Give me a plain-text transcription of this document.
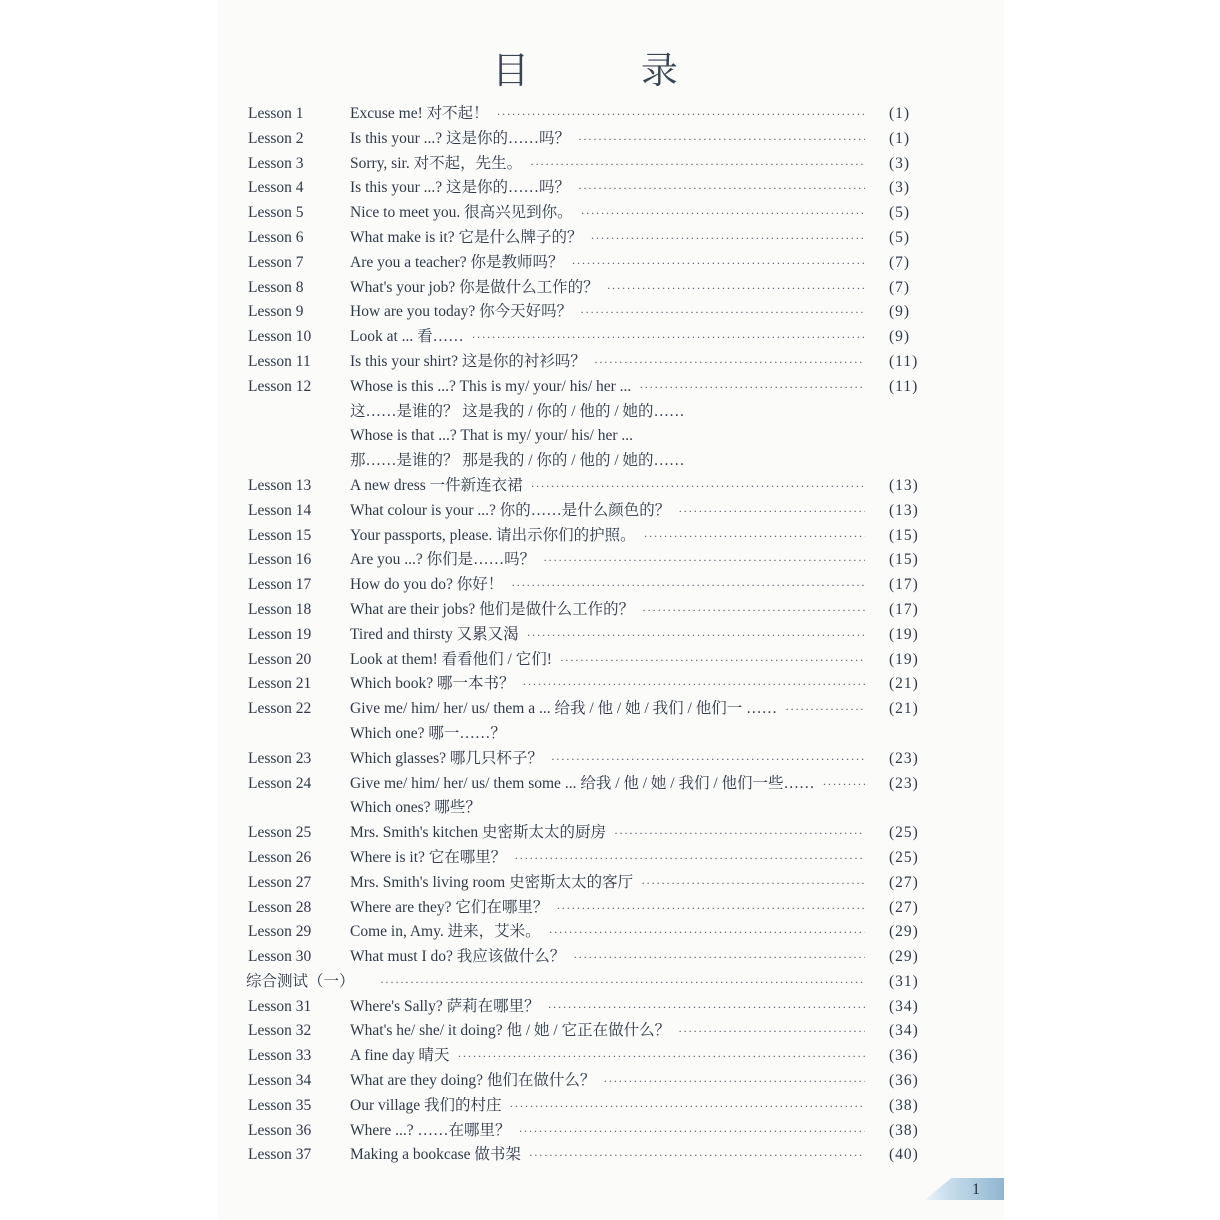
目 录
Lesson 1	Excuse me! 对不起！ ·····	(1)
Lesson 2	Is this your ...? 这是你的……吗？ ·····	(1)
Lesson 3	Sorry, sir. 对不起，先生。 ·····	(3)
Lesson 4	Is this your ...? 这是你的……吗？ ·····	(3)
Lesson 5	Nice to meet you. 很高兴见到你。 ·····	(5)
Lesson 6	What make is it? 它是什么牌子的？ ·····	(5)
Lesson 7	Are you a teacher? 你是教师吗？ ·····	(7)
Lesson 8	What's your job? 你是做什么工作的？ ·····	(7)
Lesson 9	How are you today? 你今天好吗？ ·····	(9)
Lesson 10 Look at ... 看…… ·····	(9)
Lesson 11	Is this your shirt? 这是你的衬衫吗？ ·····	(11)
Lesson 12 Whose is this ...? This is my/ your/ his/ her ... ·····	(11)
这……是谁的？ 这是我的 / 你的 / 他的 / 她的……
Whose is that ...? That is my/ your/ his/ her ...
那……是谁的？ 那是我的 / 你的 / 他的 / 她的……
Lesson 13 A new dress 一件新连衣裙 ·····	(13)
Lesson 14 What colour is your ...? 你的……是什么颜色的？ ·····	(13)
Lesson 15 Your passports, please. 请出示你们的护照。 ·····	(15)
Lesson 16 Are you ...? 你们是……吗？ ·····	(15)
Lesson 17 How do you do? 你好！ ·····	(17)
Lesson 18 What are their jobs? 他们是做什么工作的？ ·····	(17)
Lesson 19 Tired and thirsty 又累又渴 ·····	(19)
Lesson 20 Look at them! 看看他们 / 它们! ·····	(19)
Lesson 21 Which book? 哪一本书？ ·····	(21)
Lesson 22 Give me/ him/ her/ us/ them a ... 给我 / 他 / 她 / 我们 / 他们一 …… ·····	(21)
Which one? 哪一……？
Lesson 23 Which glasses? 哪几只杯子？ ·····	(23)
Lesson 24 Give me/ him/ her/ us/ them some ... 给我 / 他 / 她 / 我们 / 他们一些…… ·····	(23)
Which ones? 哪些？
Lesson 25 Mrs. Smith's kitchen 史密斯太太的厨房 ·····	(25)
Lesson 26 Where is it? 它在哪里？ ·····	(25)
Lesson 27 Mrs. Smith's living room 史密斯太太的客厅 ·····	(27)
Lesson 28 Where are they? 它们在哪里？ ·····	(27)
Lesson 29 Come in, Amy. 进来，艾米。 ·····	(29)
Lesson 30 What must I do? 我应该做什么？ ·····	(29)
综合测试（一） ·····	(31)
Lesson 31 Where's Sally? 萨莉在哪里？ ·····	(34)
Lesson 32 What's he/ she/ it doing? 他 / 她 / 它正在做什么？ ·····	(34)
Lesson 33 A fine day 晴天 ·····	(36)
Lesson 34 What are they doing? 他们在做什么？ ·····	(36)
Lesson 35 Our village 我们的村庄 ·····	(38)
Lesson 36 Where ...? ……在哪里？ ·····	(38)
Lesson 37 Making a bookcase 做书架 ·····	(40)
1
